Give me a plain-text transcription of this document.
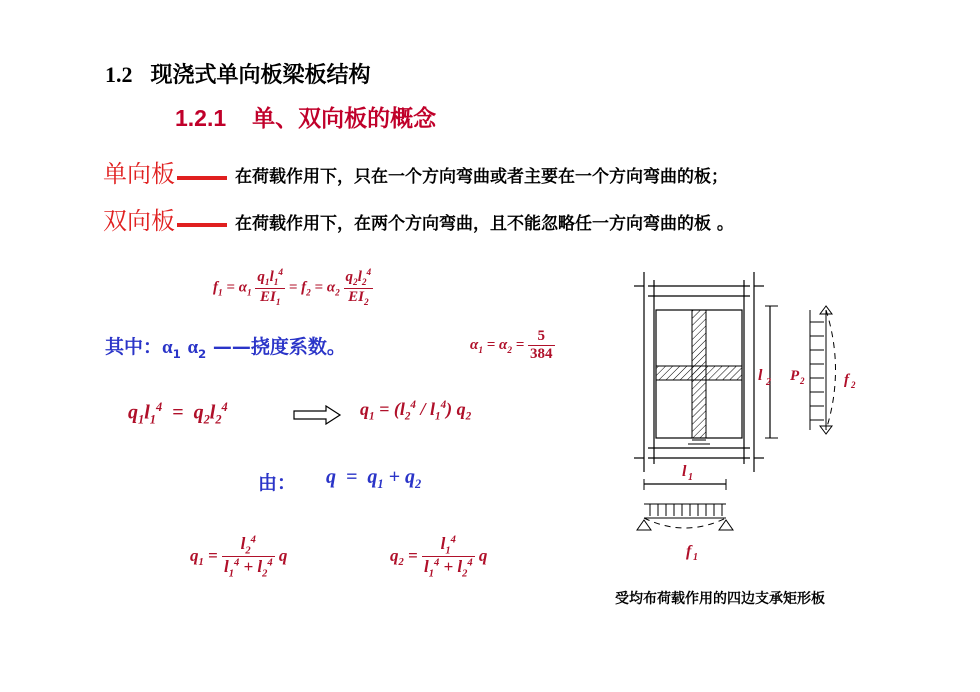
1.2 现浇式单向板梁板结构
1.2.1 单、双向板的概念
单向板	在荷载作用下，只在一个方向弯曲或者主要在一个方向弯曲的板；
双向板	在荷载作用下，在两个方向弯曲，且不能忽略任一方向弯曲的板 。
$f_1 = \alpha_1 \frac{q_1l_1^4}{EI_1} = f_2 = \alpha_2 \frac{q_2l_2^4}{EI_2}$
其中：$\alpha_1$ $\alpha_2$ ——挠度系数。	$\alpha_1 = \alpha_2 = \frac{5}{384}$
$q_1l_1^4 = q_2l_2^4$	$q_1 = (l_2^4 / l_1^4)$ $q_2$
由： $q = q_1 + q_2$
$q_1 = \frac{l_2^4}{l_1^4 + l_2^4}$ q	$q_2 = \frac{l_1^4}{l_1^4 + l_2^4}$ q
l 2 P 2	f 2
l 1
f 1
受均布荷载作用的四边支承矩形板
